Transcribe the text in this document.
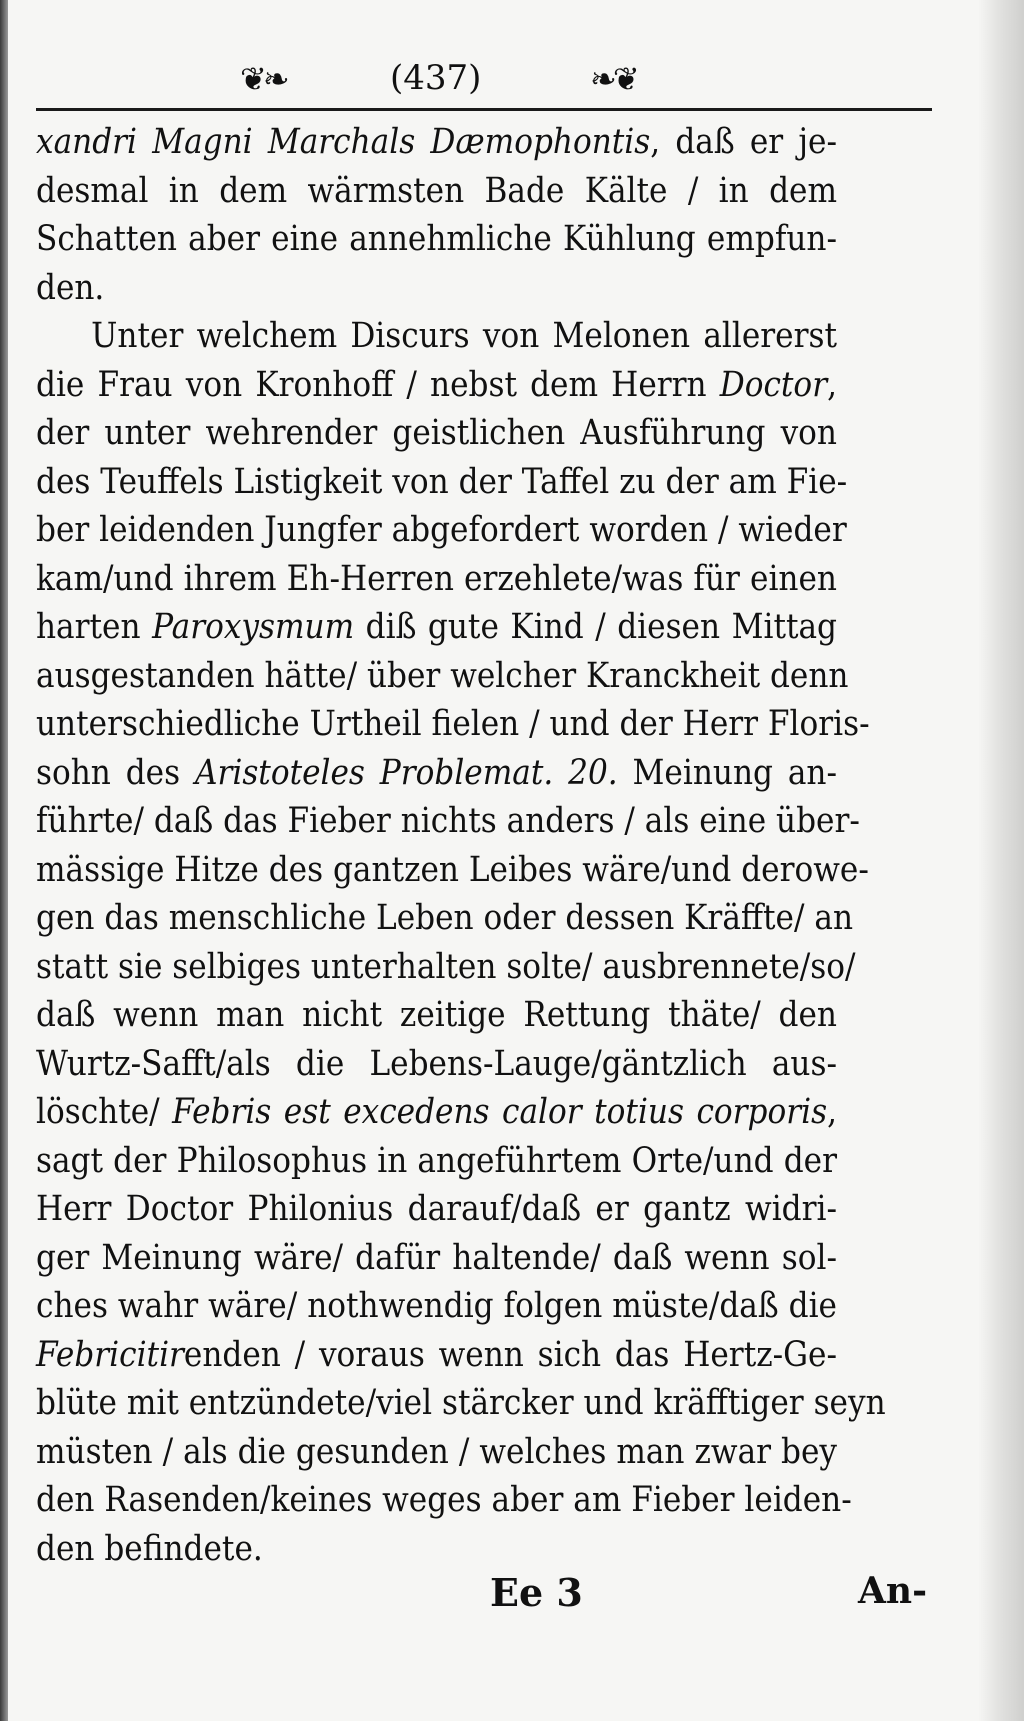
❦❧	(437)	❧❦
xandri Magni Marchals Dæmophontis, daß er je-
desmal in dem wärmsten Bade Kälte / in dem
Schatten aber eine annehmliche Kühlung empfun-
den.
Unter welchem Discurs von Melonen allererst
die Frau von Kronhoff / nebst dem Herrn Doctor,
der unter wehrender geistlichen Ausführung von
des Teuffels Listigkeit von der Taffel zu der am Fie-
ber leidenden Jungfer abgefordert worden / wieder
kam/und ihrem Eh-Herren erzehlete/was für einen
harten Paroxysmum diß gute Kind / diesen Mittag
ausgestanden hätte/ über welcher Kranckheit denn
unterschiedliche Urtheil fielen / und der Herr Floris-
sohn des Aristoteles Problemat. 20. Meinung an-
führte/ daß das Fieber nichts anders / als eine über-
mässige Hitze des gantzen Leibes wäre/und derowe-
gen das menschliche Leben oder dessen Kräffte/ an
statt sie selbiges unterhalten solte/ ausbrennete/so/
daß wenn man nicht zeitige Rettung thäte/ den
Wurtz-Safft/als die Lebens-Lauge/gäntzlich aus-
löschte/ Febris est excedens calor totius corporis,
sagt der Philosophus in angeführtem Orte/und der
Herr Doctor Philonius darauf/daß er gantz widri-
ger Meinung wäre/ dafür haltende/ daß wenn sol-
ches wahr wäre/ nothwendig folgen müste/daß die
Febricitirenden / voraus wenn sich das Hertz-Ge-
blüte mit entzündete/viel stärcker und kräfftiger seyn
müsten / als die gesunden / welches man zwar bey
den Rasenden/keines weges aber am Fieber leiden-
den befindete.
Ee 3	An-
